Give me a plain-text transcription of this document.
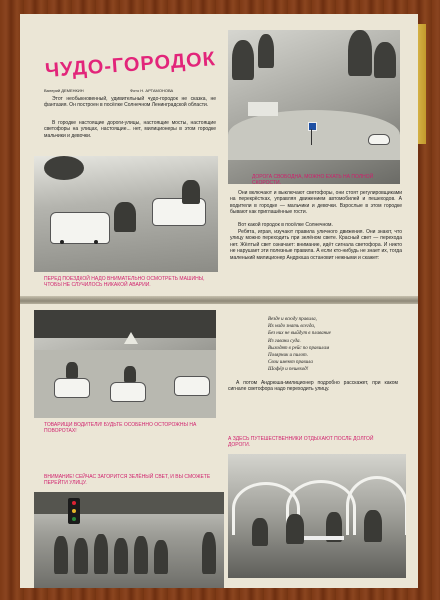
ЧУДО-ГОРОДОК
Валерий ДЕМЕНКИН	Фото Н. АРТАМОНОВА
Этот необыкновенный, удивительный чудо-городок не сказка, не фантазия. Он построен в посёлке Солнечном Ленинградской области.
В городке настоящие дороги-улицы, настоящие мосты, настоящие светофоры на улицах, настоящие... нет, милиционеры в этом городке мальчики и девочки.
ДОРОГА СВОБОДНА, МОЖНО ЕХАТЬ НА ПОЛНОЙ СКОРОСТИ.
Они включают и выключают светофоры, они стоят регулировщиками на перекрёстках, управляя движением автомобилей и пешеходов. А водители в городке — мальчики и девочки. Взрослые в этом городке бывают как приглашённые гости.
Вот какой городок в посёлке Солнечном.
Ребята, играя, изучают правила уличного движения. Они знают, что улицу можно переходить при зелёном свете. Красный свет — перехода нет. Жёлтый свет означает: внимание, идёт сигнала светофора. И никто не нарушает эти полезные правила. А если кто-нибудь не знает их, тогда маленький милиционер Андрюша остановит нежными и скажет:
ПЕРЕД ПОЕЗДКОЙ НАДО ВНИМАТЕЛЬНО ОСМОТРЕТЬ МАШИНЫ, ЧТОБЫ НЕ СЛУЧИЛОСЬ НИКАКОЙ АВАРИИ.
ТОВАРИЩИ ВОДИТЕЛИ! БУДЬТЕ ОСОБЕННО ОСТОРОЖНЫ НА ПОВОРОТАХ!
Везде и всюду правила,
Их надо знать всегда,
Без них не выйдут в плавание
Из гавани суда.
Выходят в рейс по правилам
Полярник и пилот.
Свои имеют правила
Шофёр и пешеход!
А потом Андрюша-милиционер подробно расскажет, при каком сигнале светофора надо переходить улицу.
А ЗДЕСЬ ПУТЕШЕСТВЕННИКИ ОТДЫХАЮТ ПОСЛЕ ДОЛГОЙ ДОРОГИ.
ВНИМАНИЕ! СЕЙЧАС ЗАГОРИТСЯ ЗЕЛЁНЫЙ СВЕТ, И ВЫ СМОЖЕТЕ ПЕРЕЙТИ УЛИЦУ.
